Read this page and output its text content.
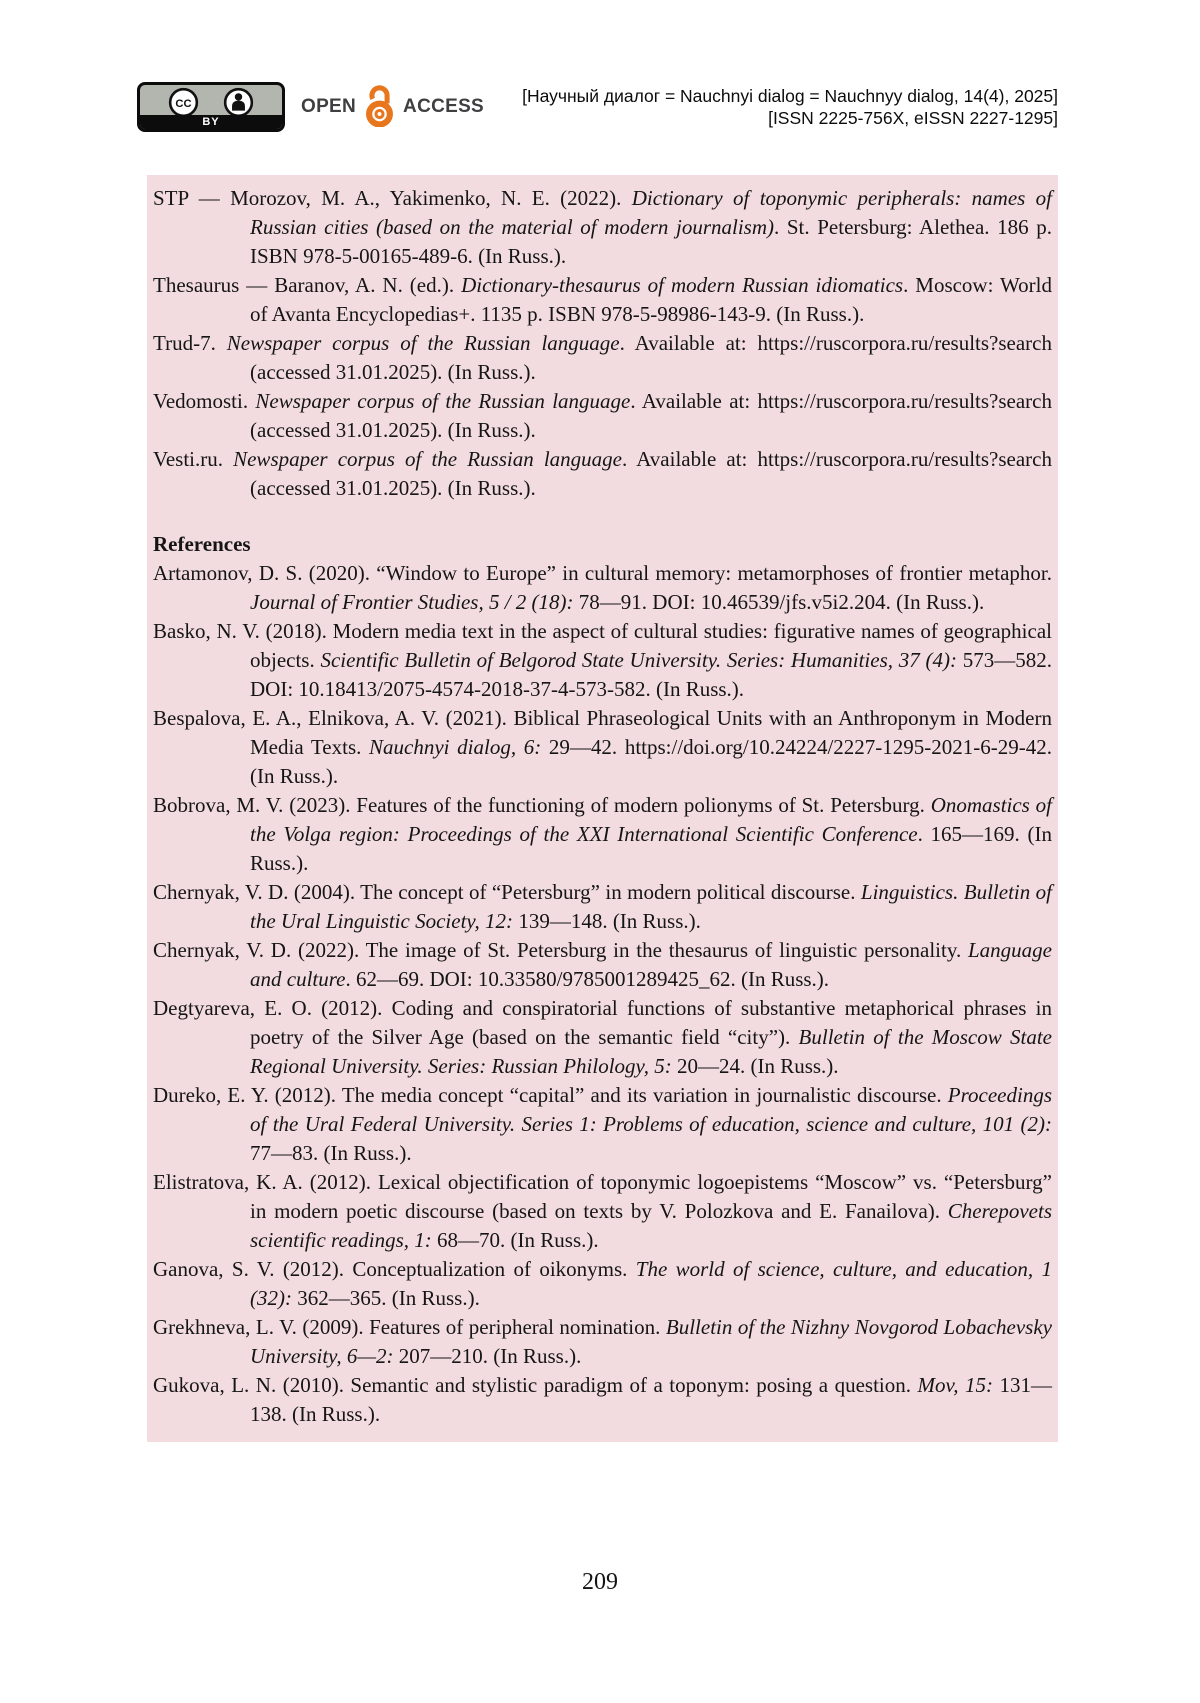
CC
BY
OPEN ACCESS [Научный диалог = Nauchnyi dialog = Nauchnyy dialog, 14(4), 2025]
[ISSN 2225-756X, eISSN 2227-1295]

STP — Morozov, M. A., Yakimenko, N. E. (2022). Dictionary of toponymic peripherals: names of Russian cities (based on the material of modern journalism). St. Petersburg: Alethea. 186 p. ISBN 978-5-00165-489-6. (In Russ.).

Thesaurus — Baranov, A. N. (ed.). Dictionary-thesaurus of modern Russian idiomatics. Moscow: World of Avanta Encyclopedias+. 1135 p. ISBN 978-5-98986-143-9. (In Russ.).

Trud-7. Newspaper corpus of the Russian language. Available at: https://ruscorpora.ru/results?search (accessed 31.01.2025). (In Russ.).

Vedomosti. Newspaper corpus of the Russian language. Available at: https://ruscorpora.ru/results?search (accessed 31.01.2025). (In Russ.).

Vesti.ru. Newspaper corpus of the Russian language. Available at: https://ruscorpora.ru/results?search (accessed 31.01.2025). (In Russ.).

References

Artamonov, D. S. (2020). “Window to Europe” in cultural memory: metamorphoses of frontier metaphor. Journal of Frontier Studies, 5 / 2 (18): 78—91. DOI: 10.46539/jfs.v5i2.204. (In Russ.).

Basko, N. V. (2018). Modern media text in the aspect of cultural studies: figurative names of geographical objects. Scientific Bulletin of Belgorod State University. Series: Humanities, 37 (4): 573—582. DOI: 10.18413/2075-4574-2018-37-4-573-582. (In Russ.).

Bespalova, E. A., Elnikova, A. V. (2021). Biblical Phraseological Units with an Anthroponym in Modern Media Texts. Nauchnyi dialog, 6: 29—42. https://doi.org/10.24224/2227-1295-2021-6-29-42. (In Russ.).

Bobrova, M. V. (2023). Features of the functioning of modern polionyms of St. Petersburg. Onomastics of the Volga region: Proceedings of the XXI International Scientific Conference. 165—169. (In Russ.).

Chernyak, V. D. (2004). The concept of “Petersburg” in modern political discourse. Linguistics. Bulletin of the Ural Linguistic Society, 12: 139—148. (In Russ.).

Chernyak, V. D. (2022). The image of St. Petersburg in the thesaurus of linguistic personality. Language and culture. 62—69. DOI: 10.33580/9785001289425_62. (In Russ.).

Degtyareva, E. O. (2012). Coding and conspiratorial functions of substantive metaphorical phrases in poetry of the Silver Age (based on the semantic field “city”). Bulletin of the Moscow State Regional University. Series: Russian Philology, 5: 20—24. (In Russ.).

Dureko, E. Y. (2012). The media concept “capital” and its variation in journalistic discourse. Proceedings of the Ural Federal University. Series 1: Problems of education, science and culture, 101 (2): 77—83. (In Russ.).

Elistratova, K. A. (2012). Lexical objectification of toponymic logoepistems “Moscow” vs. “Petersburg” in modern poetic discourse (based on texts by V. Polozkova and E. Fanailova). Cherepovets scientific readings, 1: 68—70. (In Russ.).

Ganova, S. V. (2012). Conceptualization of oikonyms. The world of science, culture, and education, 1 (32): 362—365. (In Russ.).

Grekhneva, L. V. (2009). Features of peripheral nomination. Bulletin of the Nizhny Novgorod Lobachevsky University, 6—2: 207—210. (In Russ.).

Gukova, L. N. (2010). Semantic and stylistic paradigm of a toponym: posing a question. Mov, 15: 131—138. (In Russ.).

209
